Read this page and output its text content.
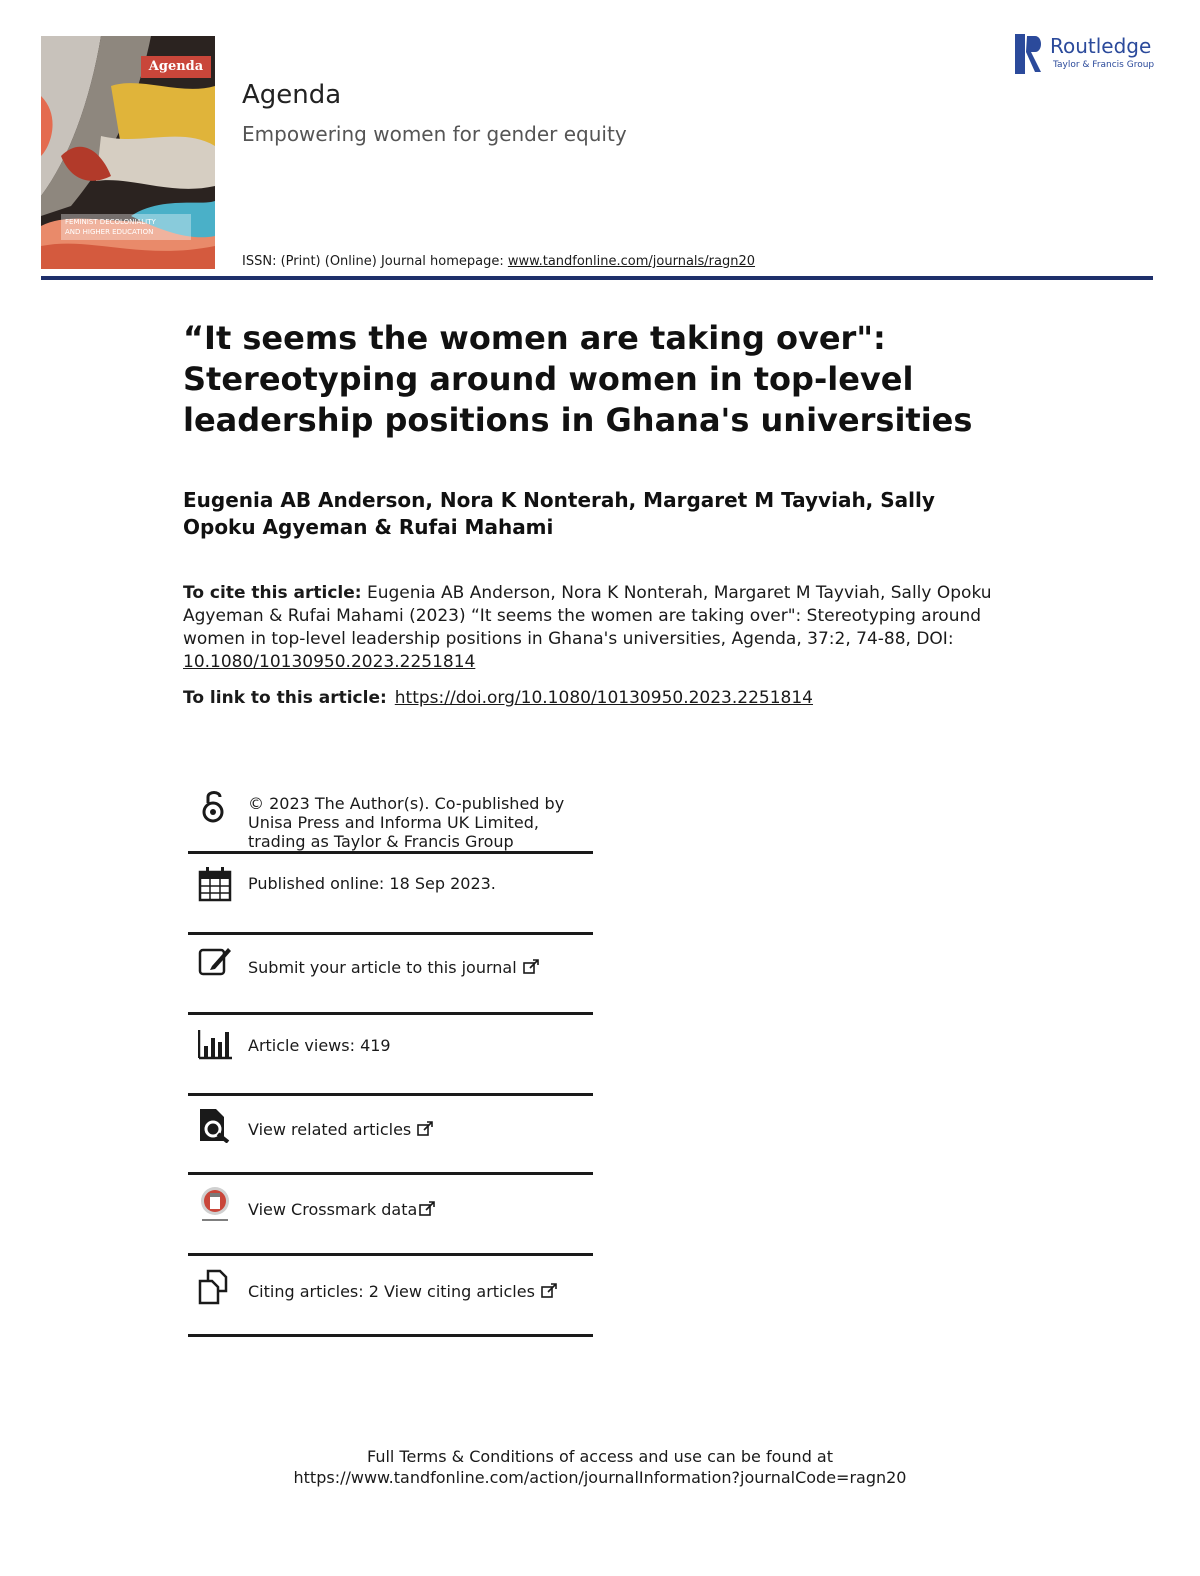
Agenda
FEMINIST DECOLONIALITY
AND HIGHER EDUCATION
Agenda
Empowering women for gender equity
ISSN: (Print) (Online) Journal homepage: www.tandfonline.com/journals/ragn20
Routledge
Taylor & Francis Group
“It seems the women are taking over":
Stereotyping around women in top-level
leadership positions in Ghana's universities
Eugenia AB Anderson, Nora K Nonterah, Margaret M Tayviah, Sally Opoku Agyeman & Rufai Mahami
To cite this article: Eugenia AB Anderson, Nora K Nonterah, Margaret M Tayviah, Sally Opoku Agyeman & Rufai Mahami (2023) “It seems the women are taking over": Stereotyping around women in top-level leadership positions in Ghana's universities, Agenda, 37:2, 74-88, DOI: 10.1080/10130950.2023.2251814
To link to this article: https://doi.org/10.1080/10130950.2023.2251814
© 2023 The Author(s). Co-published by Unisa Press and Informa UK Limited, trading as Taylor & Francis Group
Published online: 18 Sep 2023.
Submit your article to this journal
Article views: 419
View related articles
View Crossmark data
Citing articles: 2 View citing articles
Full Terms & Conditions of access and use can be found at
https://www.tandfonline.com/action/journalInformation?journalCode=ragn20
